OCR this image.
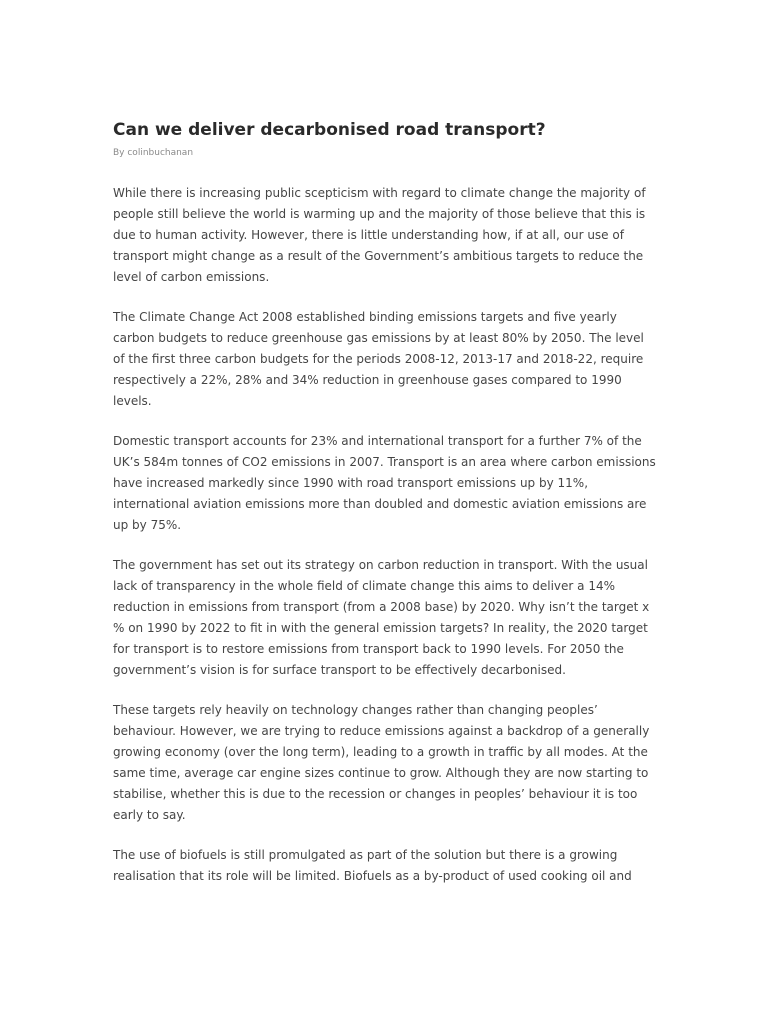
Can we deliver decarbonised road transport?
By colinbuchanan

While there is increasing public scepticism with regard to climate change the majority of people still believe the world is warming up and the majority of those believe that this is due to human activity. However, there is little understanding how, if at all, our use of transport might change as a result of the Government’s ambitious targets to reduce the level of carbon emissions.

The Climate Change Act 2008 established binding emissions targets and five yearly carbon budgets to reduce greenhouse gas emissions by at least 80% by 2050. The level of the first three carbon budgets for the periods 2008-12, 2013-17 and 2018-22, require respectively a 22%, 28% and 34% reduction in greenhouse gases compared to 1990 levels.

Domestic transport accounts for 23% and international transport for a further 7% of the UK’s 584m tonnes of CO2 emissions in 2007. Transport is an area where carbon emissions have increased markedly since 1990 with road transport emissions up by 11%, international aviation emissions more than doubled and domestic aviation emissions are up by 75%.

The government has set out its strategy on carbon reduction in transport. With the usual lack of transparency in the whole field of climate change this aims to deliver a 14% reduction in emissions from transport (from a 2008 base) by 2020. Why isn’t the target x % on 1990 by 2022 to fit in with the general emission targets? In reality, the 2020 target for transport is to restore emissions from transport back to 1990 levels. For 2050 the government’s vision is for surface transport to be effectively decarbonised.

These targets rely heavily on technology changes rather than changing peoples’ behaviour. However, we are trying to reduce emissions against a backdrop of a generally growing economy (over the long term), leading to a growth in traffic by all modes. At the same time, average car engine sizes continue to grow. Although they are now starting to stabilise, whether this is due to the recession or changes in peoples’ behaviour it is too early to say.

The use of biofuels is still promulgated as part of the solution but there is a growing realisation that its role will be limited. Biofuels as a by-product of used cooking oil and
